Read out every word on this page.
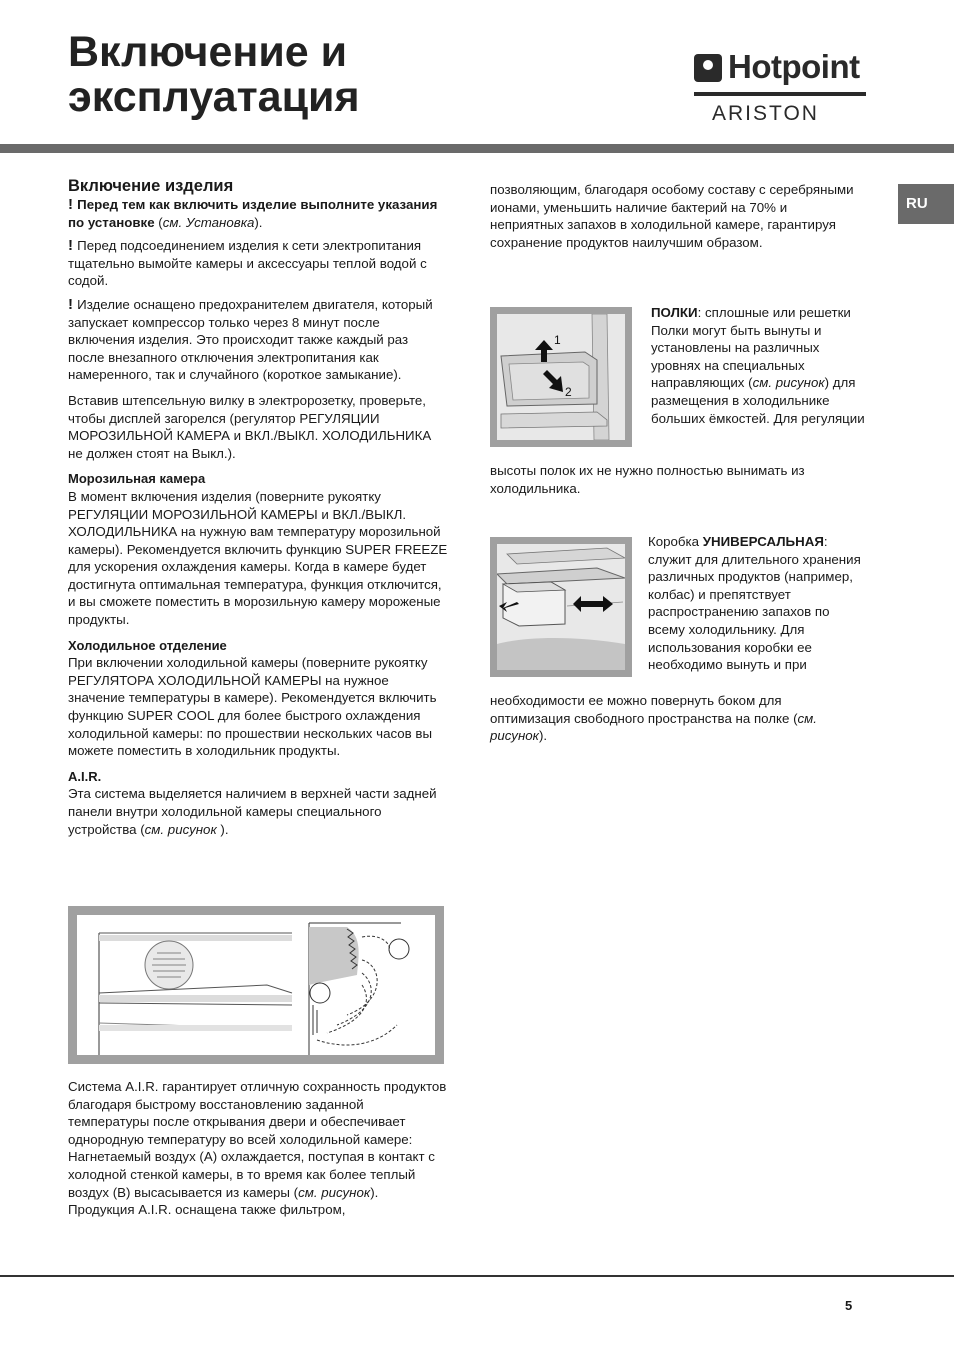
Включение и
эксплуатация
Hotpoint
ARISTON
RU

Включение изделия

! Перед тем как включить изделие выполните указания по установке (см. Установка).

! Перед подсоединением изделия к сети электропитания тщательно вымойте камеры и аксессуары теплой водой с содой.

! Изделие оснащено предохранителем двигателя, который запускает компрессор только через 8 минут после включения изделия. Это происходит также каждый раз после внезапного отключения электропитания как намеренного, так и случайного (короткое замыкание).

Вставив штепсельную вилку в электророзетку, проверьте, чтобы дисплей загорелся (регулятор РЕГУЛЯЦИИ МОРОЗИЛЬНОЙ КАМЕРА и ВКЛ./ВЫКЛ. ХОЛОДИЛЬНИКА не должен стоят на Выкл.).

Морозильная камера

В момент включения изделия (поверните рукоятку РЕГУЛЯЦИИ МОРОЗИЛЬНОЙ КАМЕРЫ и ВКЛ./ВЫКЛ. ХОЛОДИЛЬНИКА на нужную вам температуру морозильной камеры). Рекомендуется включить функцию SUPER FREEZE для ускорения охлаждения камеры. Когда в камере будет достигнута оптимальная температура, функция отключится, и вы сможете поместить в морозильную камеру мороженые продукты.

Холодильное отделение

При включении холодильной камеры (поверните рукоятку РЕГУЛЯТОРА ХОЛОДИЛЬНОЙ КАМЕРЫ на нужное значение температуры в камере). Рекомендуется включить функцию SUPER COOL для более быстрого охлаждения холодильной камеры: по прошествии нескольких часов вы можете поместить в холодильник продукты.

A.I.R.

Эта система выделяется наличием в верхней части задней панели внутри холодильной камеры специального устройства (см. рисунок ).

Система A.I.R. гарантирует отличную сохранность продуктов благодаря быстрому восстановлению заданной температуры после открывания двери и обеспечивает однородную температуру во всей холодильной камере: Нагнетаемый воздух (A) охлаждается, поступая в контакт с холодной стенкой камеры, в то время как более теплый воздух (B) высасывается из камеры (см. рисунок).

Продукция A.I.R. оснащена также фильтром,

позволяющим, благодаря особому составу с серебряными ионами, уменьшить наличие бактерий на 70% и неприятных запахов в холодильной камере, гарантируя сохранение продуктов наилучшим образом.
1
2

ПОЛКИ: сплошные или решетки

Полки могут быть вынуты и установлены на различных уровнях на специальных направляющих (см. рисунок) для размещения в холодильнике больших ёмкостей. Для регуляции

высоты полок их не нужно полностью вынимать из холодильника.

Коробка УНИВЕРСАЛЬНАЯ: служит для длительного хранения различных продуктов (например, колбас) и препятствует распространению запахов по всему холодильнику. Для использования коробки ее необходимо вынуть и при

необходимости ее можно повернуть боком для оптимизация свободного пространства на полке (см. рисунок).

5
